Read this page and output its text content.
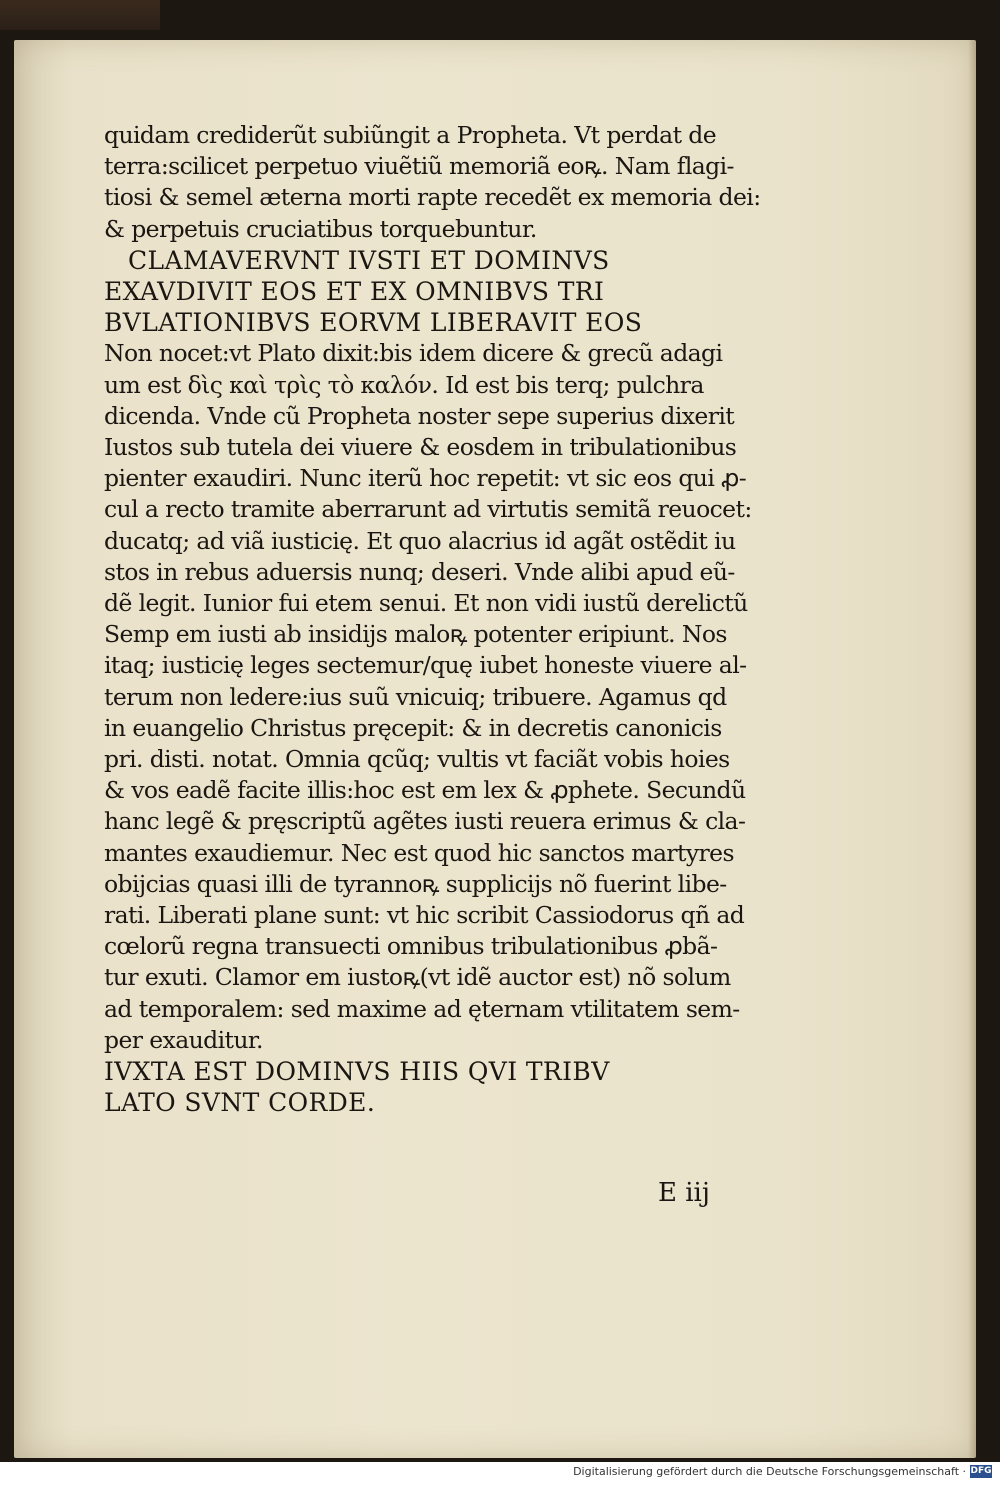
quidam crediderũt subiũngit a Propheta. Vt perdat de
terra:scilicet perpetuo viuẽtiũ memoriã eoꝶ. Nam flagi‐
tiosi & semel æterna morti rapte recedẽt ex memoria dei:
& perpetuis cruciatibus torquebuntur.
CLAMAVERVNT IVSTI ET DOMINVS
EXAVDIVIT EOS ET EX OMNIBVS TRI
BVLATIONIBVS EORVM LIBERAVIT EOS
Non nocet:vt Plato dixit:bis idem dicere & grecũ adagi
um est δὶς καὶ τρὶς τὸ καλόν. Id est bis terq; pulchra
dicenda. Vnde cũ Propheta noster sepe superius dixerit
Iustos sub tutela dei viuere & eosdem in tribulationibus
pienter exaudiri. Nunc iterũ hoc repetit: vt sic eos qui ꝓ‐
cul a recto tramite aberrarunt ad virtutis semitã reuocet:
ducatq; ad viã iusticię. Et quo alacrius id agãt ostẽdit iu
stos in rebus aduersis nunq; deseri. Vnde alibi apud eũ‐
dẽ legit. Iunior fui etem senui. Et non vidi iustũ derelictũ
Semp em iusti ab insidijs maloꝶ potenter eripiunt. Nos
itaq; iusticię leges sectemur/quę iubet honeste viuere al‐
terum non ledere:ius suũ vnicuiq; tribuere. Agamus qd
in euangelio Christus pręcepit: & in decretis canonicis
pri. disti. notat. Omnia qcũq; vultis vt faciãt vobis hoies
& vos eadẽ facite illis:hoc est em lex & ꝓphete. Secundũ
hanc legẽ & pręscriptũ agẽtes iusti reuera erimus & cla‐
mantes exaudiemur. Nec est quod hic sanctos martyres
obijcias quasi illi de tyrannoꝶ supplicijs nõ fuerint libe‐
rati. Liberati plane sunt: vt hic scribit Cassiodorus qñ ad
cœlorũ regna transuecti omnibus tribulationibus ꝓbã‐
tur exuti. Clamor em iustoꝶ(vt idẽ auctor est) nõ solum
ad temporalem: sed maxime ad ęternam vtilitatem sem‐
per exauditur.
IVXTA EST DOMINVS HIIS QVI TRIBV
LATO SVNT CORDE.
E iij
Digitalisierung gefördert durch die Deutsche Forschungsgemeinschaft · DFG
